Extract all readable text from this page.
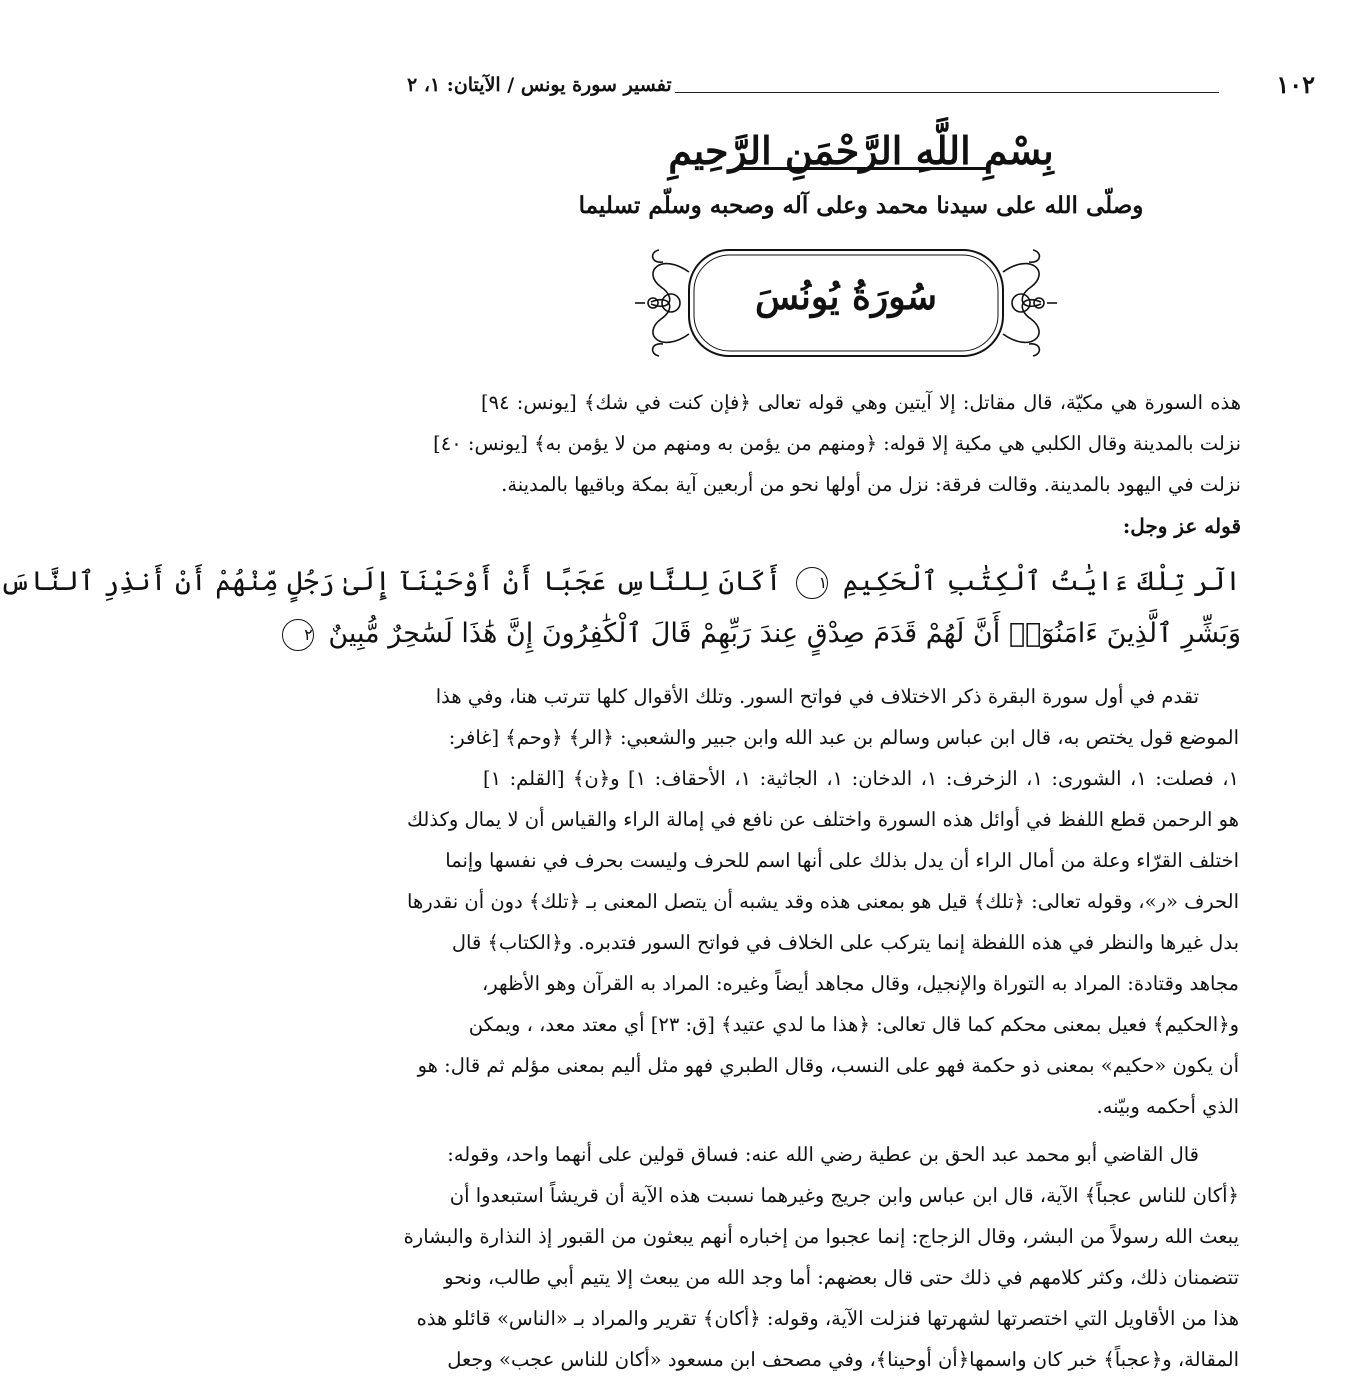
١٠٢
تفسير سورة يونس / الآيتان: ١، ٢
بِسْمِ اللَّهِ الرَّحْمَنِ الرَّحِيمِ
وصلّى الله على سيدنا محمد وعلى آله وصحبه وسلّم تسليما
سُورَةُ يُونُسَ
هذه السورة هي مكيّة، قال مقاتل: إلا آيتين وهي قوله تعالى ﴿فإن كنت في شك﴾ [يونس: ٩٤]
نزلت بالمدينة وقال الكلبي هي مكية إلا قوله: ﴿ومنهم من يؤمن به ومنهم من لا يؤمن به﴾ [يونس: ٤٠]
نزلت في اليهود بالمدينة. وقالت فرقة: نزل من أولها نحو من أربعين آية بمكة وباقيها بالمدينة.
قوله عز وجل:
الٓر تِلْكَ ءَايَٰتُ ٱلْكِتَٰبِ ٱلْحَكِيمِ ١ أَكَانَ لِلنَّاسِ عَجَبًا أَنْ أَوْحَيْنَآ إِلَىٰ رَجُلٍ مِّنْهُمْ أَنْ أَنذِرِ ٱلنَّاسَ
وَبَشِّرِ ٱلَّذِينَ ءَامَنُوٓا۟ أَنَّ لَهُمْ قَدَمَ صِدْقٍ عِندَ رَبِّهِمْ قَالَ ٱلْكَٰفِرُونَ إِنَّ هَٰذَا لَسَٰحِرٌ مُّبِينٌ ٢
تقدم في أول سورة البقرة ذكر الاختلاف في فواتح السور. وتلك الأقوال كلها تترتب هنا، وفي هذا
الموضع قول يختص به، قال ابن عباس وسالم بن عبد الله وابن جبير والشعبي: ﴿الر﴾ ﴿وحم﴾ [غافر:
١، فصلت: ١، الشورى: ١، الزخرف: ١، الدخان: ١، الجاثية: ١، الأحقاف: ١] و﴿ن﴾ [القلم: ١]
هو الرحمن قطع اللفظ في أوائل هذه السورة واختلف عن نافع في إمالة الراء والقياس أن لا يمال وكذلك
اختلف القرّاء وعلة من أمال الراء أن يدل بذلك على أنها اسم للحرف وليست بحرف في نفسها وإنما
الحرف «ر»، وقوله تعالى: ﴿تلك﴾ قيل هو بمعنى هذه وقد يشبه أن يتصل المعنى بـ ﴿تلك﴾ دون أن نقدرها
بدل غيرها والنظر في هذه اللفظة إنما يتركب على الخلاف في فواتح السور فتدبره. و﴿الكتاب﴾ قال
مجاهد وقتادة: المراد به التوراة والإنجيل، وقال مجاهد أيضاً وغيره: المراد به القرآن وهو الأظهر،
و﴿الحكيم﴾ فعيل بمعنى محكم كما قال تعالى: ﴿هذا ما لدي عتيد﴾ [ق: ٢٣] أي معتد معد، ، ويمكن
أن يكون «حكيم» بمعنى ذو حكمة فهو على النسب، وقال الطبري فهو مثل أليم بمعنى مؤلم ثم قال: هو
الذي أحكمه وبيّنه.
قال القاضي أبو محمد عبد الحق بن عطية رضي الله عنه: فساق قولين على أنهما واحد، وقوله:
﴿أكان للناس عجباً﴾ الآية، قال ابن عباس وابن جريج وغيرهما نسبت هذه الآية أن قريشاً استبعدوا أن
يبعث الله رسولاً من البشر، وقال الزجاج: إنما عجبوا من إخباره أنهم يبعثون من القبور إذ النذارة والبشارة
تتضمنان ذلك، وكثر كلامهم في ذلك حتى قال بعضهم: أما وجد الله من يبعث إلا يتيم أبي طالب، ونحو
هذا من الأقاويل التي اختصرتها لشهرتها فنزلت الآية، وقوله: ﴿أكان﴾ تقرير والمراد بـ «الناس» قائلو هذه
المقالة، و﴿عجباً﴾ خبر كان واسمها﴿أن أوحينا﴾، وفي مصحف ابن مسعود «أكان للناس عجب» وجعل
